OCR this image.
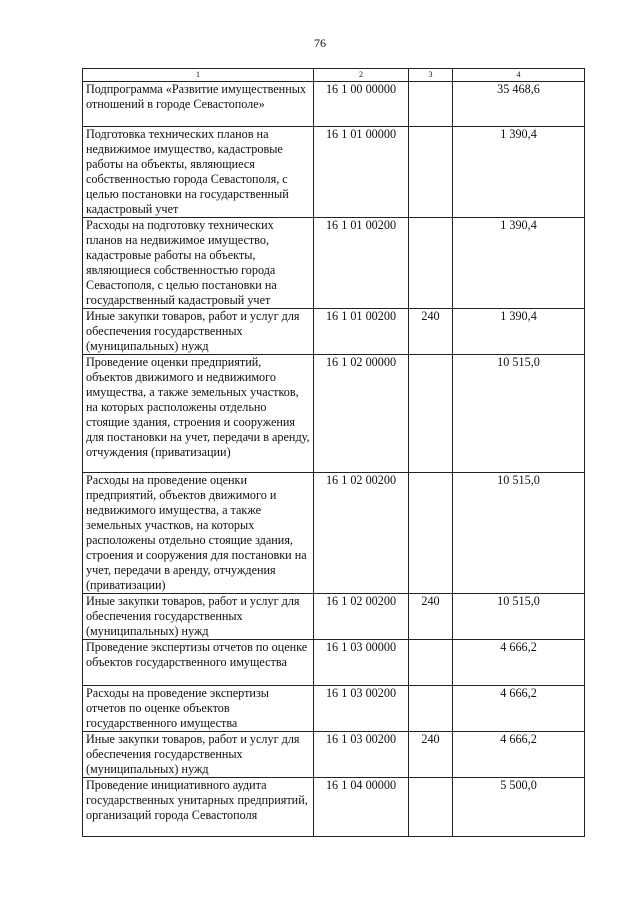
76
1	2	3	4
Подпрограмма «Развитие имущественных отношений в городе Севастополе»	16 1 00 00000		35 468,6
Подготовка технических планов на недвижимое имущество, кадастровые работы на объекты, являющиеся собственностью города Севастополя, с целью постановки на государственный кадастровый учет	16 1 01 00000		1 390,4
Расходы на подготовку технических планов на недвижимое имущество, кадастровые работы на объекты, являющиеся собственностью города Севастополя, с целью постановки на государственный кадастровый учет	16 1 01 00200		1 390,4
Иные закупки товаров, работ и услуг для обеспечения государственных (муниципальных) нужд	16 1 01 00200	240	1 390,4
Проведение оценки предприятий, объектов движимого и недвижимого имущества, а также земельных участков, на которых расположены отдельно стоящие здания, строения и сооружения для постановки на учет, передачи в аренду, отчуждения (приватизации)	16 1 02 00000		10 515,0
Расходы на проведение оценки предприятий, объектов движимого и недвижимого имущества, а также земельных участков, на которых расположены отдельно стоящие здания, строения и сооружения для постановки на учет, передачи в аренду, отчуждения (приватизации)	16 1 02 00200		10 515,0
Иные закупки товаров, работ и услуг для обеспечения государственных (муниципальных) нужд	16 1 02 00200	240	10 515,0
Проведение экспертизы отчетов по оценке объектов государственного имущества	16 1 03 00000		4 666,2
Расходы на проведение экспертизы отчетов по оценке объектов государственного имущества	16 1 03 00200		4 666,2
Иные закупки товаров, работ и услуг для обеспечения государственных (муниципальных) нужд	16 1 03 00200	240	4 666,2
Проведение инициативного аудита государственных унитарных предприятий, организаций города Севастополя	16 1 04 00000		5 500,0
